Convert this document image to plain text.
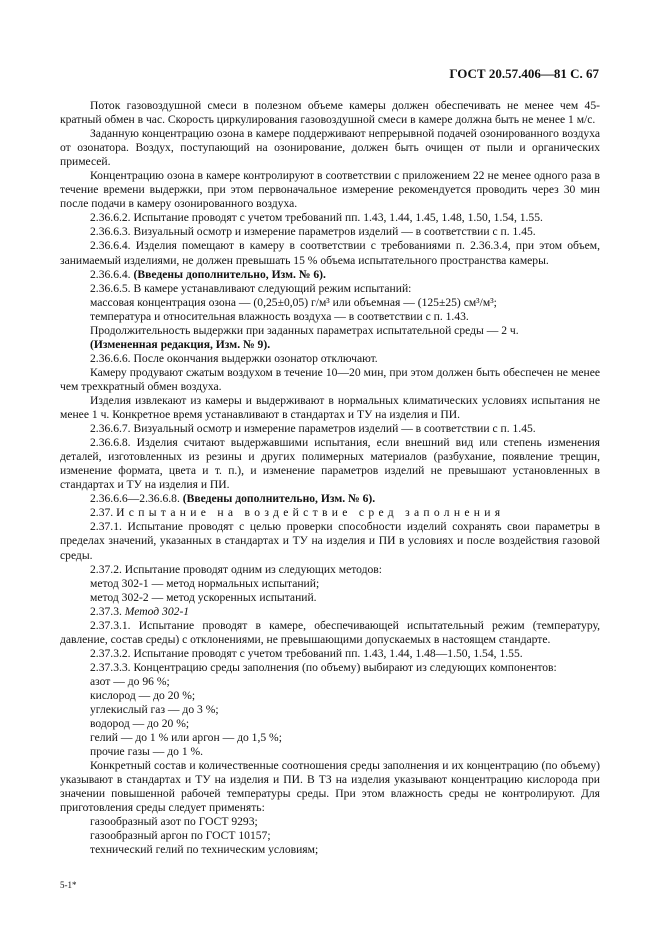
ГОСТ 20.57.406—81 С. 67

Поток газовоздушной смеси в полезном объеме камеры должен обеспечивать не менее чем 45-кратный обмен в час. Скорость циркулирования газовоздушной смеси в камере должна быть не менее 1 м/с.

Заданную концентрацию озона в камере поддерживают непрерывной подачей озонированного воздуха от озонатора. Воздух, поступающий на озонирование, должен быть очищен от пыли и органических примесей.

Концентрацию озона в камере контролируют в соответствии с приложением 22 не менее одного раза в течение времени выдержки, при этом первоначальное измерение рекомендуется проводить через 30 мин после подачи в камеру озонированного воздуха.

2.36.6.2. Испытание проводят с учетом требований пп. 1.43, 1.44, 1.45, 1.48, 1.50, 1.54, 1.55.

2.36.6.3. Визуальный осмотр и измерение параметров изделий — в соответствии с п. 1.45.

2.36.6.4. Изделия помещают в камеру в соответствии с требованиями п. 2.36.3.4, при этом объем, занимаемый изделиями, не должен превышать 15 % объема испытательного пространства камеры.

2.36.6.4. (Введены дополнительно, Изм. № 6).

2.36.6.5. В камере устанавливают следующий режим испытаний:

массовая концентрация озона — (0,25±0,05) г/м³ или объемная — (125±25) см³/м³;

температура и относительная влажность воздуха — в соответствии с п. 1.43.

Продолжительность выдержки при заданных параметрах испытательной среды — 2 ч.

(Измененная редакция, Изм. № 9).

2.36.6.6. После окончания выдержки озонатор отключают.

Камеру продувают сжатым воздухом в течение 10—20 мин, при этом должен быть обеспечен не менее чем трехкратный обмен воздуха.

Изделия извлекают из камеры и выдерживают в нормальных климатических условиях испытания не менее 1 ч. Конкретное время устанавливают в стандартах и ТУ на изделия и ПИ.

2.36.6.7. Визуальный осмотр и измерение параметров изделий — в соответствии с п. 1.45.

2.36.6.8. Изделия считают выдержавшими испытания, если внешний вид или степень изменения деталей, изготовленных из резины и других полимерных материалов (разбухание, появление трещин, изменение формата, цвета и т. п.), и изменение параметров изделий не превышают установленных в стандартах и ТУ на изделия и ПИ.

2.36.6.6—2.36.6.8. (Введены дополнительно, Изм. № 6).

2.37. Испытание на воздействие сред заполнения

2.37.1. Испытание проводят с целью проверки способности изделий сохранять свои параметры в пределах значений, указанных в стандартах и ТУ на изделия и ПИ в условиях и после воздействия газовой среды.

2.37.2. Испытание проводят одним из следующих методов:

метод 302-1 — метод нормальных испытаний;

метод 302-2 — метод ускоренных испытаний.

2.37.3. Метод 302-1

2.37.3.1. Испытание проводят в камере, обеспечивающей испытательный режим (температуру, давление, состав среды) с отклонениями, не превышающими допускаемых в настоящем стандарте.

2.37.3.2. Испытание проводят с учетом требований пп. 1.43, 1.44, 1.48—1.50, 1.54, 1.55.

2.37.3.3. Концентрацию среды заполнения (по объему) выбирают из следующих компонентов:

азот — до 96 %;

кислород — до 20 %;

углекислый газ — до 3 %;

водород — до 20 %;

гелий — до 1 % или аргон — до 1,5 %;

прочие газы — до 1 %.

Конкретный состав и количественные соотношения среды заполнения и их концентрацию (по объему) указывают в стандартах и ТУ на изделия и ПИ. В ТЗ на изделия указывают концентрацию кислорода при значении повышенной рабочей температуры среды. При этом влажность среды не контролируют. Для приготовления среды следует применять:

газообразный азот по ГОСТ 9293;

газообразный аргон по ГОСТ 10157;

технический гелий по техническим условиям;

5-1*
